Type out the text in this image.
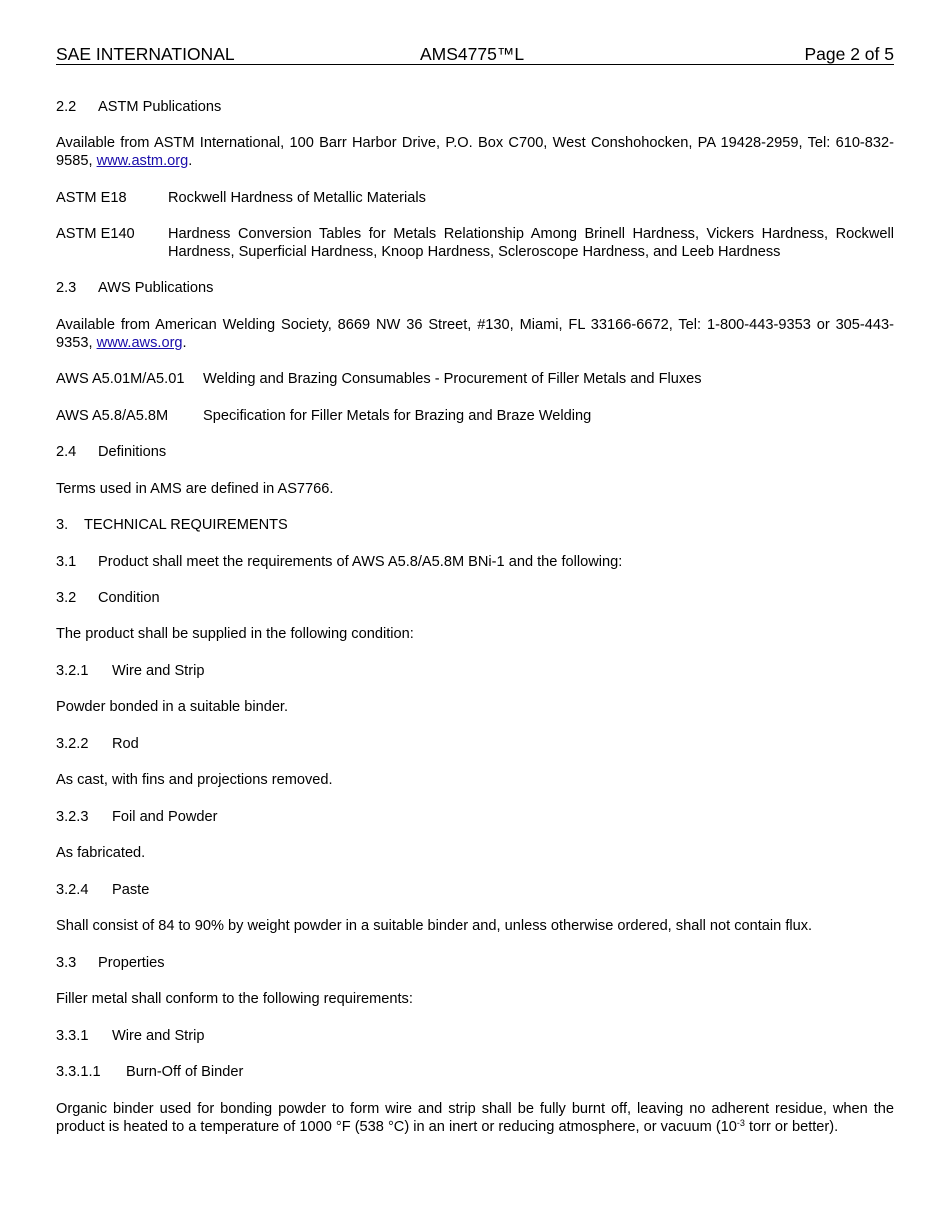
SAE INTERNATIONAL	AMS4775™L	Page 2 of 5
2.2 ASTM Publications
Available from ASTM International, 100 Barr Harbor Drive, P.O. Box C700, West Conshohocken, PA 19428-2959, Tel: 610-832-9585, www.astm.org.
ASTM E18	Rockwell Hardness of Metallic Materials
ASTM E140 Hardness Conversion Tables for Metals Relationship Among Brinell Hardness, Vickers Hardness, Rockwell Hardness, Superficial Hardness, Knoop Hardness, Scleroscope Hardness, and Leeb Hardness
2.3 AWS Publications
Available from American Welding Society, 8669 NW 36 Street, #130, Miami, FL 33166-6672, Tel: 1-800-443-9353 or 305-443-9353, www.aws.org.
AWS A5.01M/A5.01 Welding and Brazing Consumables - Procurement of Filler Metals and Fluxes
AWS A5.8/A5.8M Specification for Filler Metals for Brazing and Braze Welding
2.4 Definitions
Terms used in AMS are defined in AS7766.
3. TECHNICAL REQUIREMENTS
3.1 Product shall meet the requirements of AWS A5.8/A5.8M BNi-1 and the following:
3.2 Condition
The product shall be supplied in the following condition:
3.2.1 Wire and Strip
Powder bonded in a suitable binder.
3.2.2 Rod
As cast, with fins and projections removed.
3.2.3 Foil and Powder
As fabricated.
3.2.4 Paste
Shall consist of 84 to 90% by weight powder in a suitable binder and, unless otherwise ordered, shall not contain flux.
3.3 Properties
Filler metal shall conform to the following requirements:
3.3.1 Wire and Strip
3.3.1.1 Burn-Off of Binder
Organic binder used for bonding powder to form wire and strip shall be fully burnt off, leaving no adherent residue, when the product is heated to a temperature of 1000 °F (538 °C) in an inert or reducing atmosphere, or vacuum ($10^{-3}$ torr or better).
